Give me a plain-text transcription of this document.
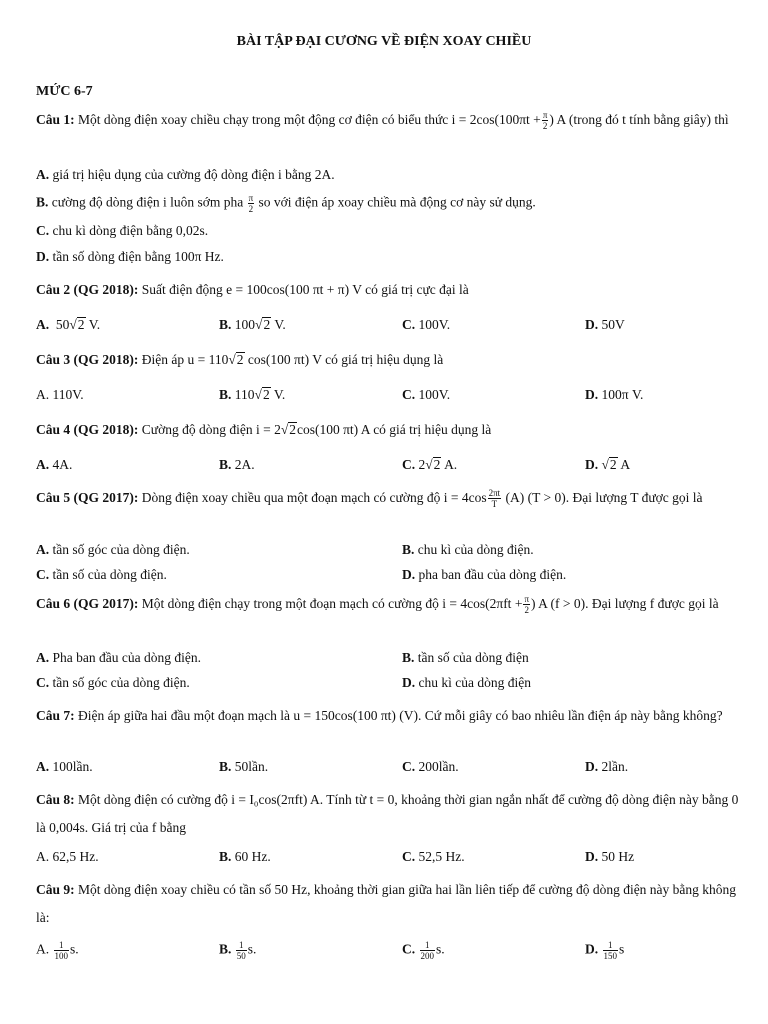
BÀI TẬP ĐẠI CƯƠNG VỀ ĐIỆN XOAY CHIỀU
MỨC 6-7
Câu 1: Một dòng điện xoay chiều chạy trong một động cơ điện có biểu thức $i = 2\cos(100\pi t + \frac{\pi}{2}$ ) A (trong đó t tính bằng giây) thì
A. giá trị hiệu dụng của cường độ dòng điện i bằng 2A.
B. cường độ dòng điện i luôn sớm pha $\frac{\pi}{2}$ so với điện áp xoay chiều mà động cơ này sử dụng.
C. chu kì dòng điện bằng 0,02s.
D. tần số dòng điện bằng 100π Hz.
Câu 2 (QG 2018): Suất điện động e = 100cos(100 πt + π) V có giá trị cực đại là
A. 50√2 V.	B. 100√2 V.	C. 100V.	D. 50V
Câu 3 (QG 2018): Điện áp u = 110√2 cos(100 πt) V có giá trị hiệu dụng là
A. 110V.	B. 110√2 V.	C. 100V.	D. 100π V.
Câu 4 (QG 2018): Cường độ dòng điện i = 2√2cos(100 πt) A có giá trị hiệu dụng là
A. 4A.	B. 2A.	C. 2√2 A.	D. √2 A
Câu 5 (QG 2017): Dòng điện xoay chiều qua một đoạn mạch có cường độ $i = 4\cos \frac{2\pi t}{T} (A) (T > 0)$. Đại lượng T được gọi là
A. tần số góc của dòng điện.	B. chu kì của dòng điện.
C. tần số của dòng điện.	D. pha ban đầu của dòng điện.
Câu 6 (QG 2017): Một dòng điện chạy trong một đoạn mạch có cường độ $i = 4\cos(2\pi ft + \frac{\pi}{2}$ ) A (f > 0). Đại lượng f được gọi là
A. Pha ban đầu của dòng điện.	B. tần số của dòng điện
C. tần số góc của dòng điện.	D. chu kì của dòng điện
Câu 7: Điện áp giữa hai đầu một đoạn mạch là u = 150cos(100 πt) (V). Cứ mỗi giây có bao nhiêu lần điện áp này bằng không?
A. 100lần.	B. 50lần.	C. 200lần.	D. 2lần.
Câu 8: Một dòng điện có cường độ i = I₀cos(2πft) A. Tính từ t = 0, khoảng thời gian ngắn nhất để cường độ dòng điện này bằng 0 là 0,004s. Giá trị của f bằng
A. 62,5 Hz.	B. 60 Hz.	C. 52,5 Hz.	D. 50 Hz
Câu 9: Một dòng điện xoay chiều có tần số 50 Hz, khoảng thời gian giữa hai lần liên tiếp để cường độ dòng điện này bằng không là:
A. $\frac{1}{100} s$.	B. $\frac{1}{50} s$.	C. $\frac{1}{200} s$.	D. $\frac{1}{150}$ s
